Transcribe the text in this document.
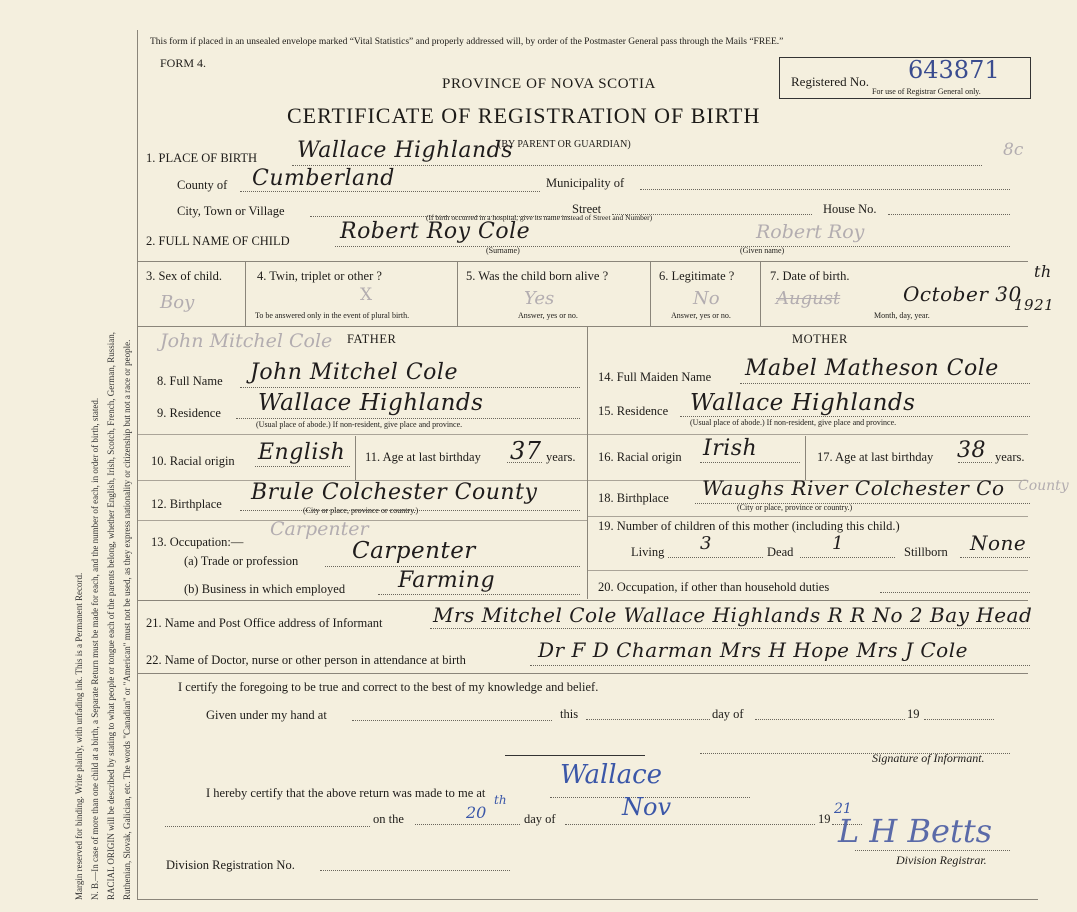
Margin reserved for binding. Write plainly, with unfading ink. This is a Permanent Record. N. B.—In case of more than one child at a birth, a Separate Return must be made for each, and the number of each, in order of birth, stated. RACIAL ORIGIN will be described by stating to what people or tongue each of the parents belong, whether English, Irish, Scotch, French, German, Russian, Ruthenian, Slovak, Galician, etc. The words "Canadian" or "American" must not be used, as they express nationality or citizenship but not a race or people.
This form if placed in an unsealed envelope marked “Vital Statistics” and properly addressed will, by order of the Postmaster General pass through the Mails “FREE.”
FORM 4.
PROVINCE OF NOVA SCOTIA
CERTIFICATE OF REGISTRATION OF BIRTH
Registered No. 643871
For use of Registrar General only.
1. PLACE OF BIRTH Wallace Highlands
(BY PARENT OR GUARDIAN)	8c
County of Cumberland	Municipality of
City, Town or Village	Street	House No.
(If birth occurred in a hospital, give its name instead of Street and Number)
2. FULL NAME OF CHILD Robert Roy Cole	Robert Roy
(Surname)	(Given name)
3. Sex of child.
Boy
4. Twin, triplet or other ?
X
To be answered only in the event of plural birth.
5. Was the child born alive ?
Yes
Answer, yes or no.
6. Legitimate ?
No
Answer, yes or no.
7. Date of birth.
August	October 30
th
1921
Month, day, year.
John Mitchel Cole FATHER	MOTHER
8. Full Name John Mitchel Cole
9. Residence Wallace Highlands
(Usual place of abode.) If non-resident, give place and province.
10. Racial origin English 11. Age at last birthday 37 years.
12. Birthplace Brule Colchester County
(City or place, province or country.)
13. Occupation:—
Carpenter
(a) Trade or profession Carpenter
(b) Business in which employed Farming
14. Full Maiden Name Mabel Matheson Cole
15. Residence Wallace Highlands
(Usual place of abode.) If non-resident, give place and province.
16. Racial origin Irish	17. Age at last birthday 38 years.
18. Birthplace Waughs River Colchester Co County
(City or place, province or country.)
19. Number of children of this mother (including this child.)
Living 3	Dead 1	Stillborn None
20. Occupation, if other than household duties
21. Name and Post Office address of Informant	Mrs Mitchel Cole Wallace Highlands R R No 2 Bay Head
22. Name of Doctor, nurse or other person in attendance at birth	Dr F D Charman Mrs H Hope Mrs J Cole
I certify the foregoing to be true and correct to the best of my knowledge and belief.
Given under my hand at	this	day of	19
Signature of Informant.
I hereby certify that the above return was made to me at
Wallace
on the	20
th
day of	Nov	19
21
L H Betts
Division Registrar.
Division Registration No.
